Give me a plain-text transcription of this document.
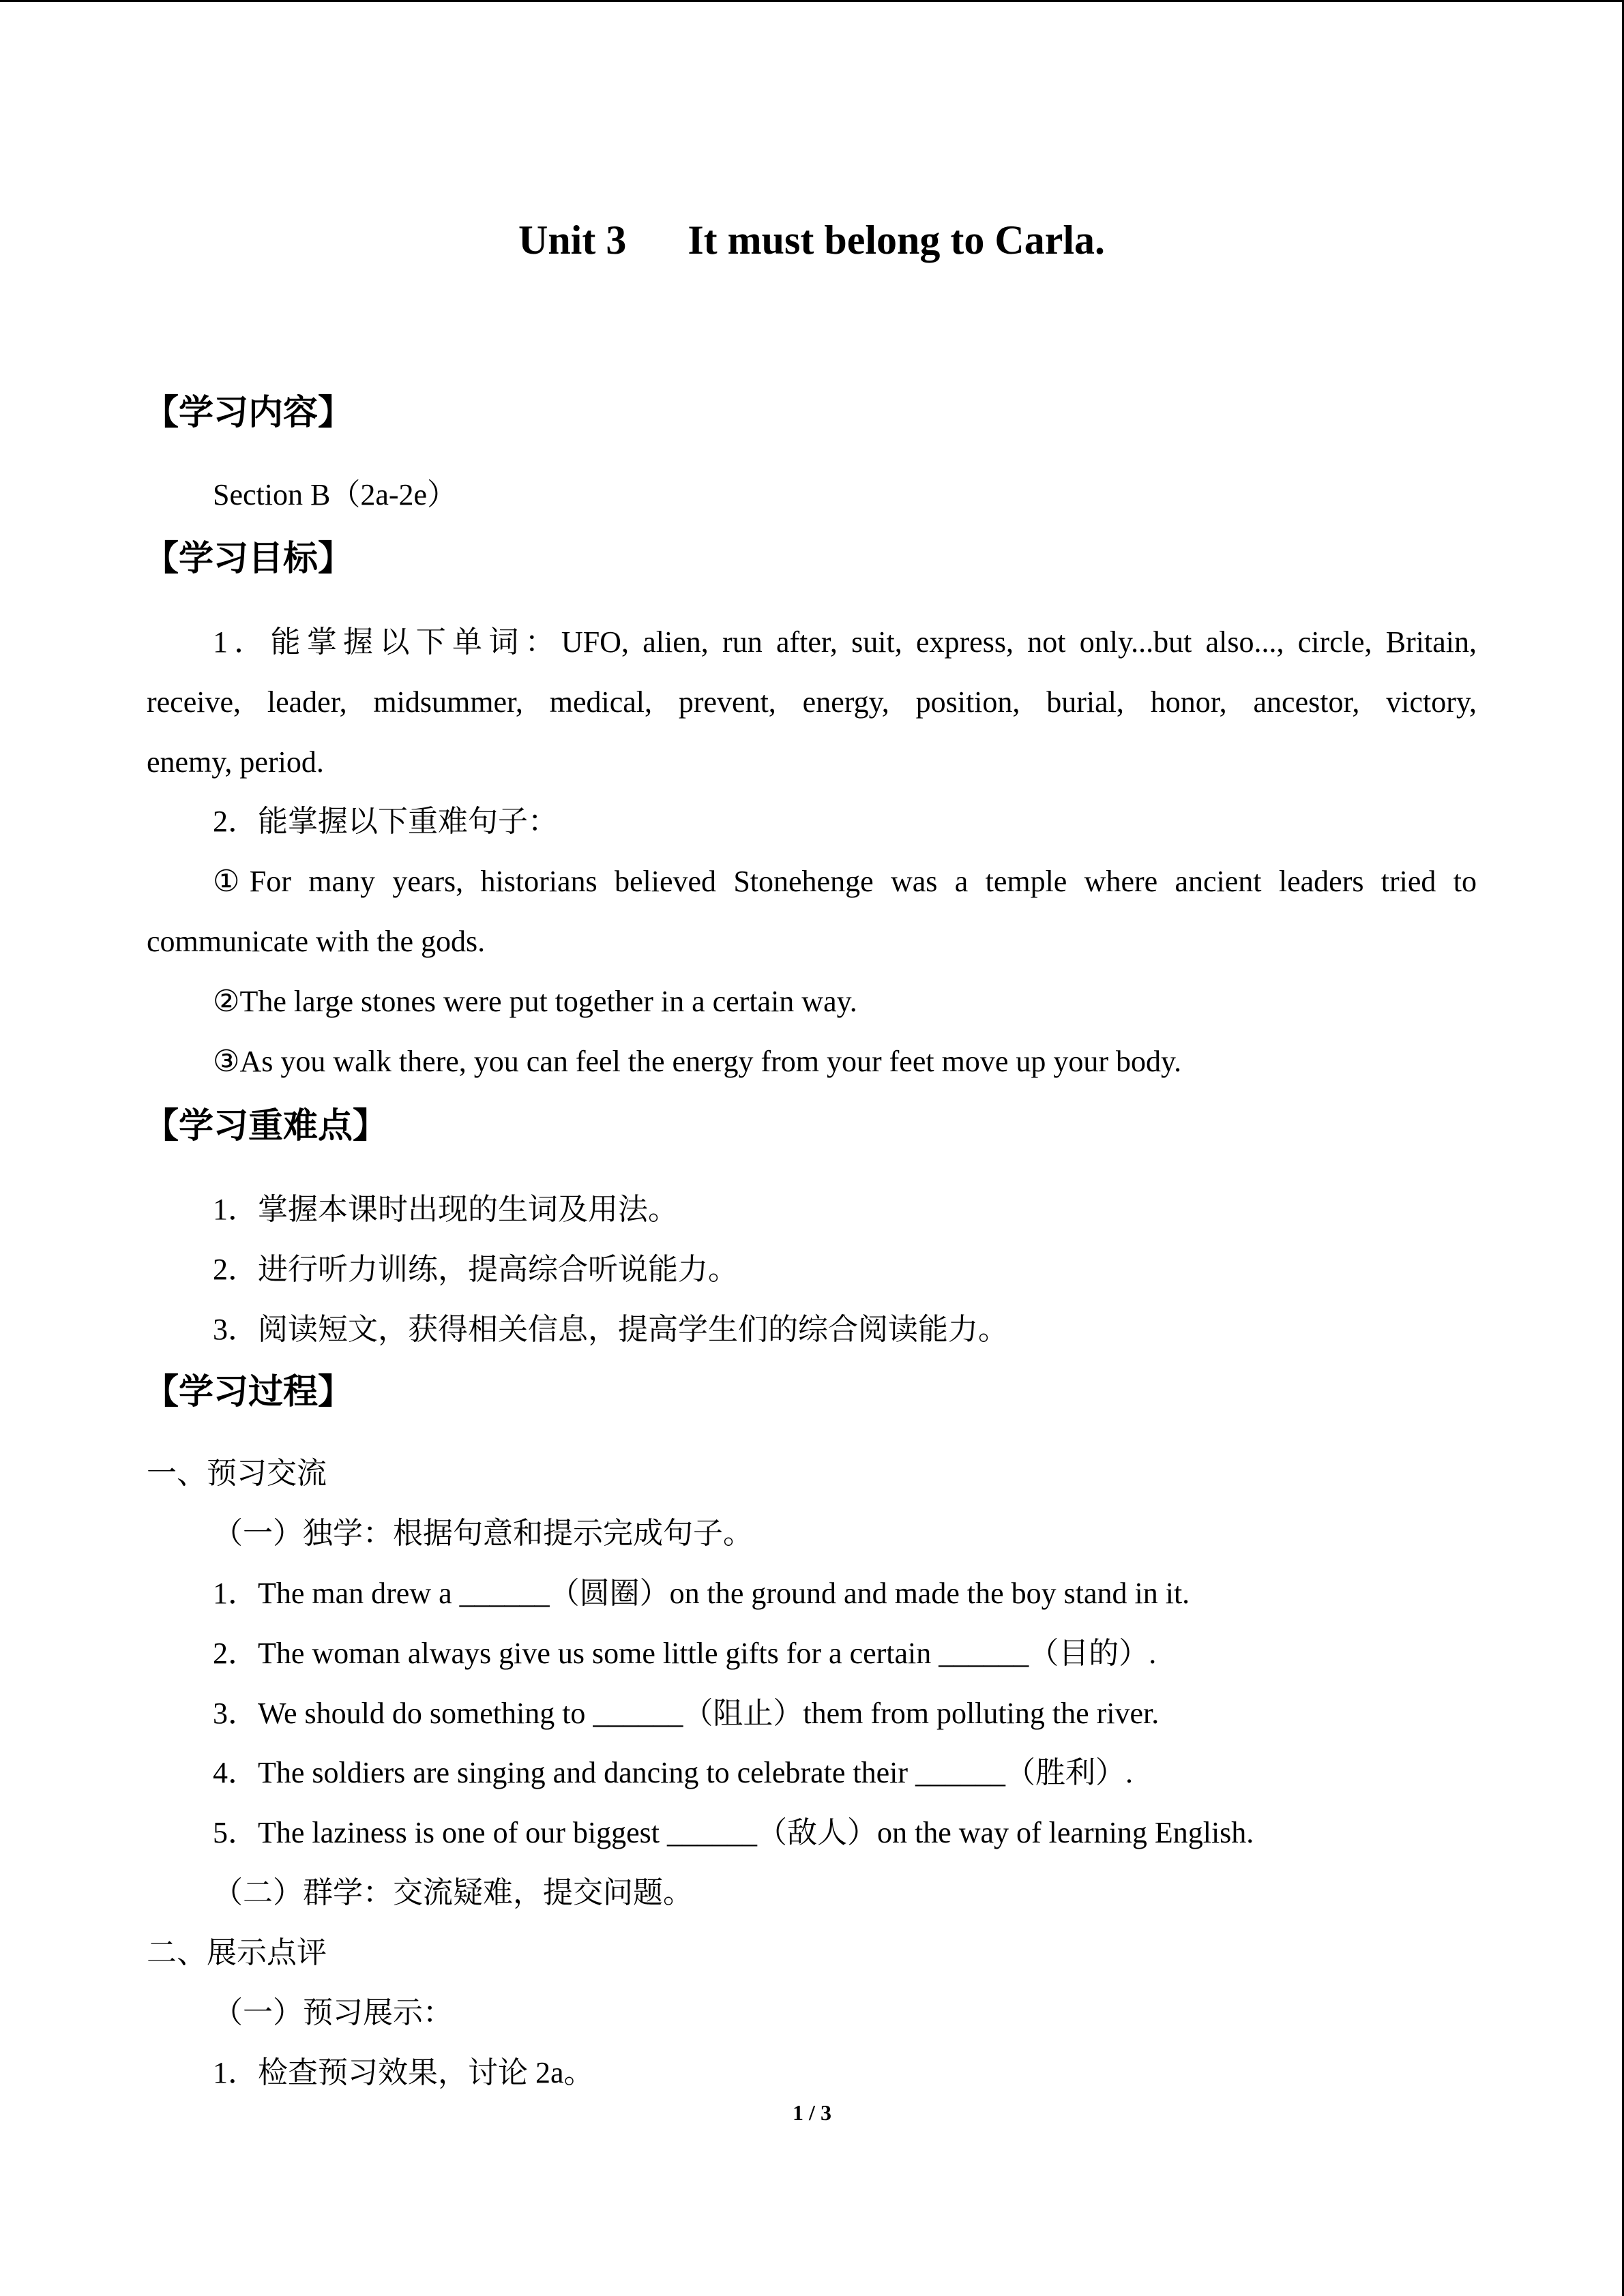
Unit 3      It must belong to Carla.
【学习内容】
Section B（2a-2e）
【学习目标】
1．能掌握以下单词：UFO, alien, run after, suit, express, not only...but also..., circle, Britain,
receive, leader, midsummer, medical, prevent, energy, position, burial, honor, ancestor, victory,
enemy, period.
2．能掌握以下重难句子：
①For many years, historians believed Stonehenge was a temple where ancient leaders tried to
communicate with the gods.
②The large stones were put together in a certain way.
③As you walk there, you can feel the energy from your feet move up your body.
【学习重难点】
1．掌握本课时出现的生词及用法。
2．进行听力训练，提高综合听说能力。
3．阅读短文，获得相关信息，提高学生们的综合阅读能力。
【学习过程】
一、预习交流
（一）独学：根据句意和提示完成句子。
1．The man drew a ______（圆圈）on the ground and made the boy stand in it.
2．The woman always give us some little gifts for a certain ______（目的）.
3．We should do something to ______（阻止）them from polluting the river.
4．The soldiers are singing and dancing to celebrate their ______（胜利）.
5．The laziness is one of our biggest ______（敌人）on the way of learning English.
（二）群学：交流疑难，提交问题。
二、展示点评
（一）预习展示：
1．检查预习效果，讨论 2a。
1 / 3
